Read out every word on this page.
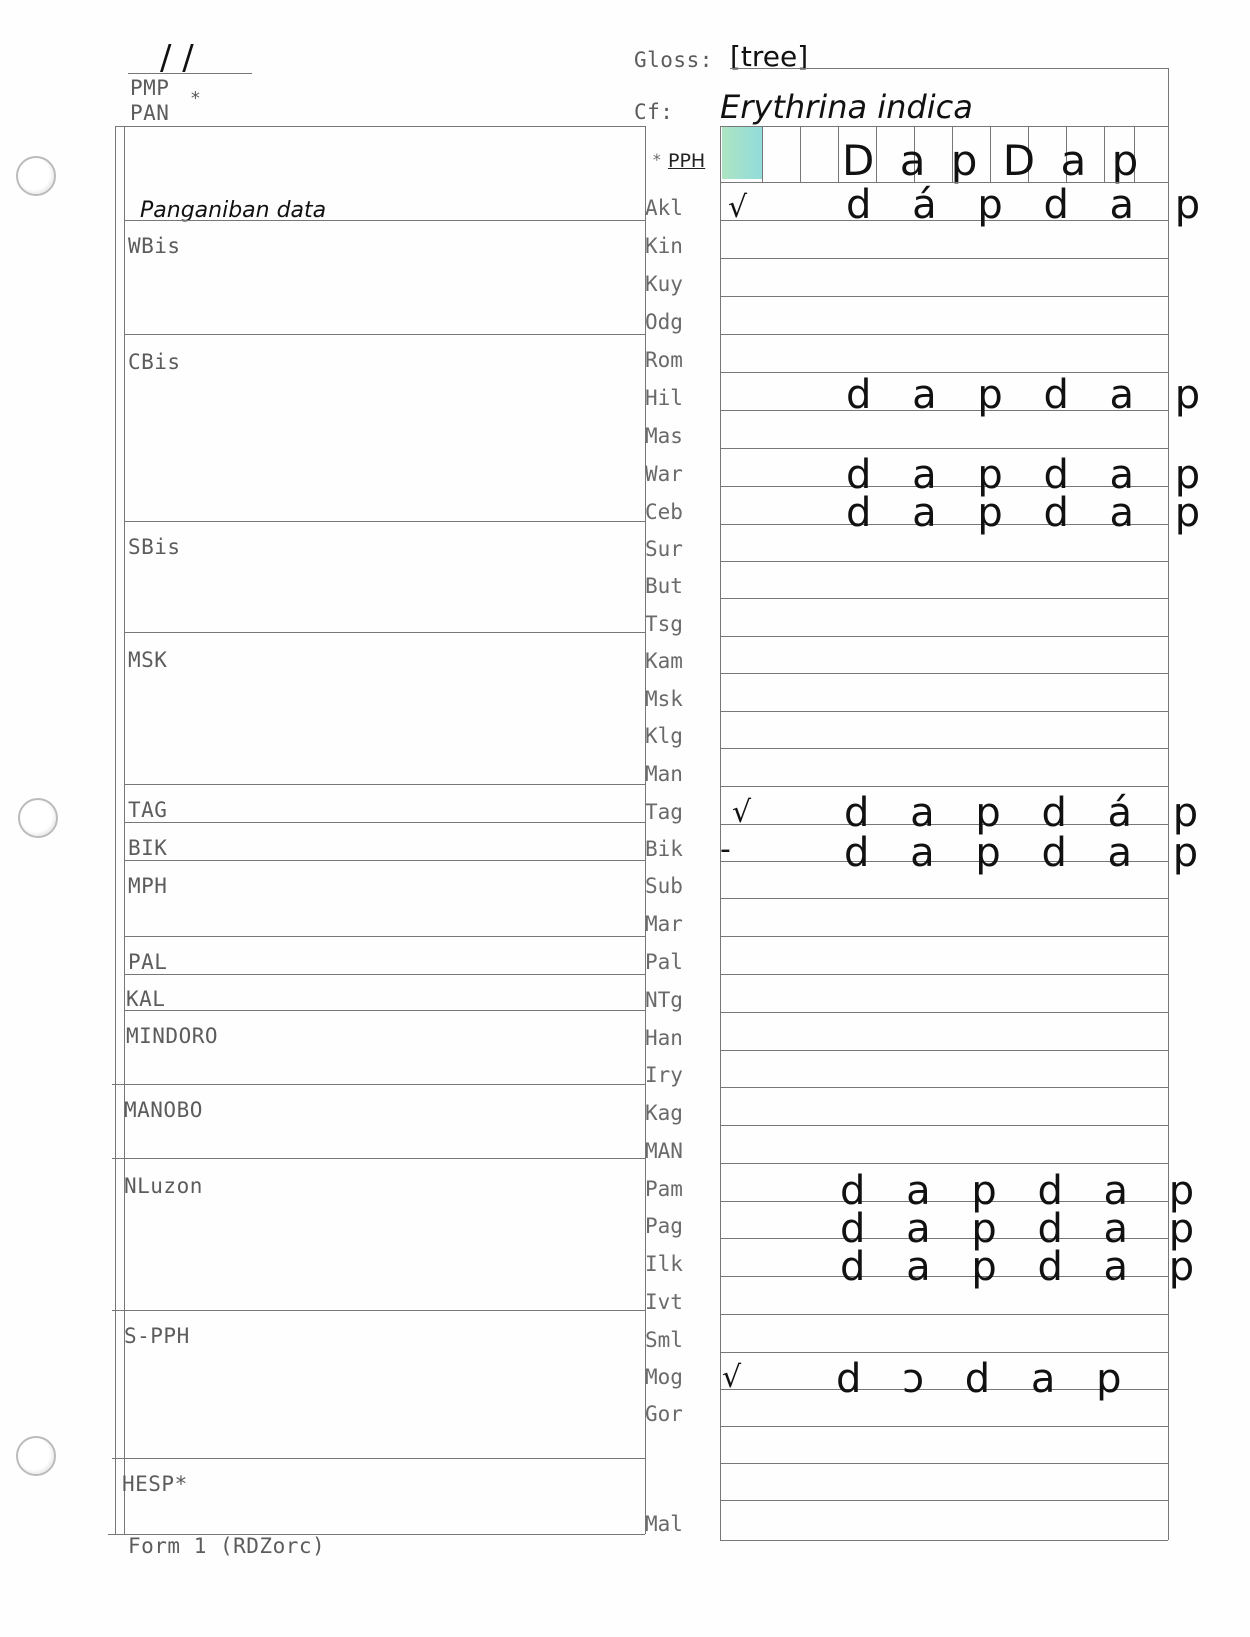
/ /
PMP *
PAN
Gloss: [tree]
Cf: Erythrina indica
* PPH	D a p D a p
Panganiban data
WBis
CBis
SBis
MSK
TAG
BIK
MPH
PAL
KAL
MINDORO
MANOBO
NLuzon
S-PPH
HESP*
Akl
Kin
Kuy
Odg
Rom
Hil
Mas
War
Ceb
Sur
But
Tsg
Kam
Msk
Klg
Man
Tag
Bik
Sub
Mar
Pal
NTg
Han
Iry
Kag
MAN
Pam
Pag
Ilk
Ivt
Sml
Mog
Gor
Mal
√
√
-
√
d á p d a p
d a p d a p
d a p d a p
d a p d a p
d a p d á p
d a p d a p
d a p d a p
d a p d a p
d a p d a p
d ɔ d a p
Form 1 (RDZorc)
